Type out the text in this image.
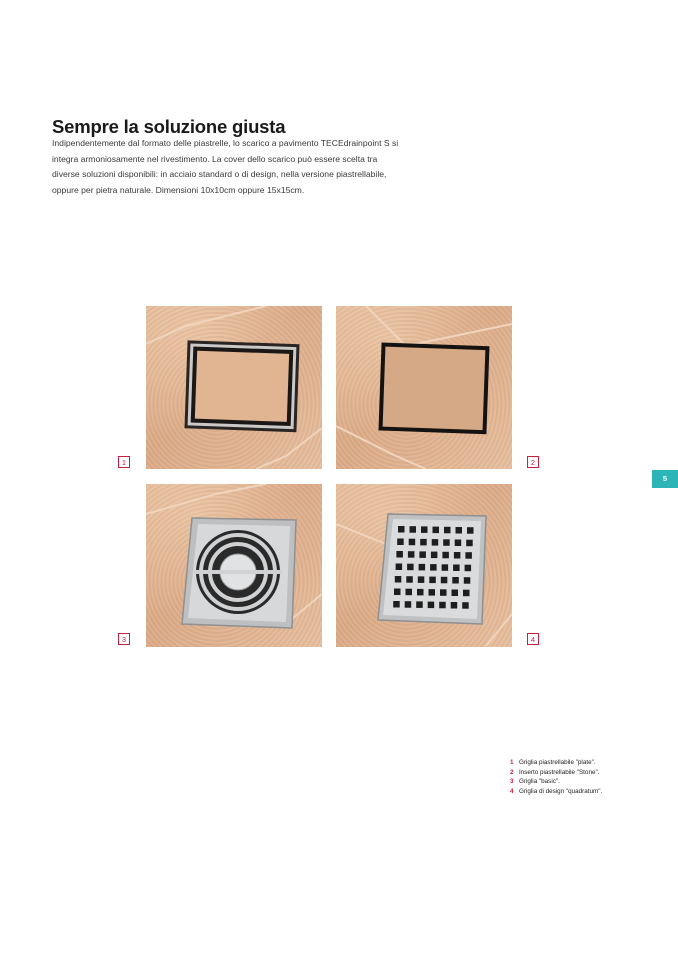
Sempre la soluzione giusta
Indipendentemente dal formato delle piastrelle, lo scarico a pavimento TECEdrainpoint S si
integra armoniosamente nel rivestimento. La cover dello scarico può essere scelta tra
diverse soluzioni disponibili: in acciaio standard o di design, nella versione piastrellabile,
oppure per pietra naturale. Dimensioni 10x10cm oppure 15x15cm.
1	2
3	4
5
1 Griglia piastrellabile "plate".
2 Inserto piastrellabile "Stone".
3 Griglia "basic".
4 Griglia di design "quadratum".
